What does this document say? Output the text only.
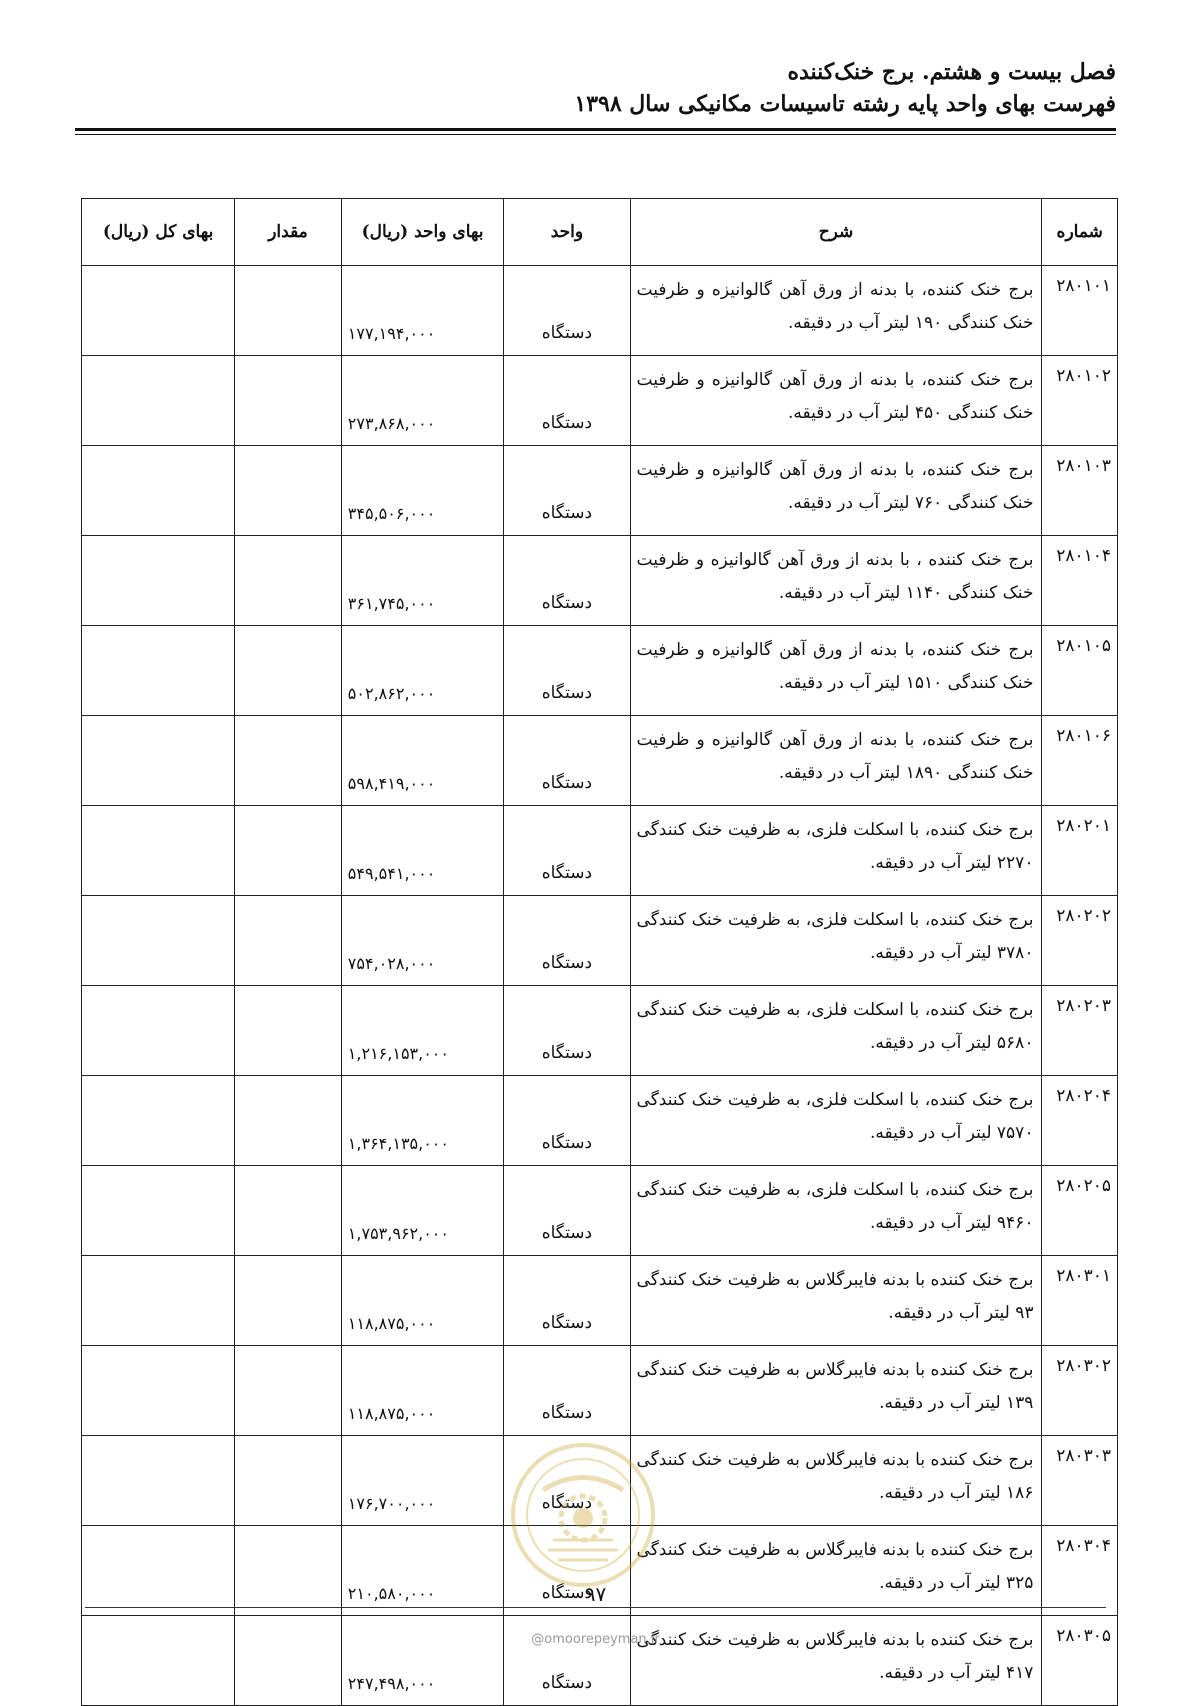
فصل بیست و هشتم. برج خنک‌کننده
فهرست بهای واحد پایه رشته تاسیسات مکانیکی سال ۱۳۹۸
شماره	شرح	واحد	بهای واحد (ریال)	مقدار	بهای کل (ریال)
۲۸۰۱۰۱	برج خنک کننده، با بدنه از ورق آهن گالوانیزه و ظرفیت خنک کنندگی ۱۹۰ لیتر آب در دقیقه.	دستگاه	۱۷۷,۱۹۴,۰۰۰		
۲۸۰۱۰۲	برج خنک کننده، با بدنه از ورق آهن گالوانیزه و ظرفیت خنک کنندگی ۴۵۰ لیتر آب در دقیقه.	دستگاه	۲۷۳,۸۶۸,۰۰۰		
۲۸۰۱۰۳	برج خنک کننده، با بدنه از ورق آهن گالوانیزه و ظرفیت خنک کنندگی ۷۶۰ لیتر آب در دقیقه.	دستگاه	۳۴۵,۵۰۶,۰۰۰		
۲۸۰۱۰۴	برج خنک کننده ، با بدنه از ورق آهن گالوانیزه و ظرفیت خنک کنندگی ۱۱۴۰ لیتر آب در دقیقه.	دستگاه	۳۶۱,۷۴۵,۰۰۰		
۲۸۰۱۰۵	برج خنک کننده، با بدنه از ورق آهن گالوانیزه و ظرفیت خنک کنندگی ۱۵۱۰ لیتر آب در دقیقه.	دستگاه	۵۰۲,۸۶۲,۰۰۰		
۲۸۰۱۰۶	برج خنک کننده، با بدنه از ورق آهن گالوانیزه و ظرفیت خنک کنندگی ۱۸۹۰ لیتر آب در دقیقه.	دستگاه	۵۹۸,۴۱۹,۰۰۰		
۲۸۰۲۰۱	برج خنک کننده، با اسکلت فلزی، به ظرفیت خنک کنندگی ۲۲۷۰ لیتر آب در دقیقه.	دستگاه	۵۴۹,۵۴۱,۰۰۰		
۲۸۰۲۰۲	برج خنک کننده، با اسکلت فلزی، به ظرفیت خنک کنندگی ۳۷۸۰ لیتر آب در دقیقه.	دستگاه	۷۵۴,۰۲۸,۰۰۰		
۲۸۰۲۰۳	برج خنک کننده، با اسکلت فلزی، به ظرفیت خنک کنندگی ۵۶۸۰ لیتر آب در دقیقه.	دستگاه	۱,۲۱۶,۱۵۳,۰۰۰		
۲۸۰۲۰۴	برج خنک کننده، با اسکلت فلزی، به ظرفیت خنک کنندگی ۷۵۷۰ لیتر آب در دقیقه.	دستگاه	۱,۳۶۴,۱۳۵,۰۰۰		
۲۸۰۲۰۵	برج خنک کننده، با اسکلت فلزی، به ظرفیت خنک کنندگی ۹۴۶۰ لیتر آب در دقیقه.	دستگاه	۱,۷۵۳,۹۶۲,۰۰۰		
۲۸۰۳۰۱	برج خنک کننده با بدنه فایبرگلاس به ظرفیت خنک کنندگی ۹۳ لیتر آب در دقیقه.	دستگاه	۱۱۸,۸۷۵,۰۰۰		
۲۸۰۳۰۲	برج خنک کننده با بدنه فایبرگلاس به ظرفیت خنک کنندگی ۱۳۹ لیتر آب در دقیقه.	دستگاه	۱۱۸,۸۷۵,۰۰۰		
۲۸۰۳۰۳	برج خنک کننده با بدنه فایبرگلاس به ظرفیت خنک کنندگی ۱۸۶ لیتر آب در دقیقه.	دستگاه	۱۷۶,۷۰۰,۰۰۰		
۲۸۰۳۰۴	برج خنک کننده با بدنه فایبرگلاس به ظرفیت خنک کنندگی ۳۲۵ لیتر آب در دقیقه.	دستگاه	۲۱۰,۵۸۰,۰۰۰		
۲۸۰۳۰۵	برج خنک کننده با بدنه فایبرگلاس به ظرفیت خنک کنندگی ۴۱۷ لیتر آب در دقیقه.	دستگاه	۲۴۷,۴۹۸,۰۰۰		
۹۷
@omoorepeyman.ir
